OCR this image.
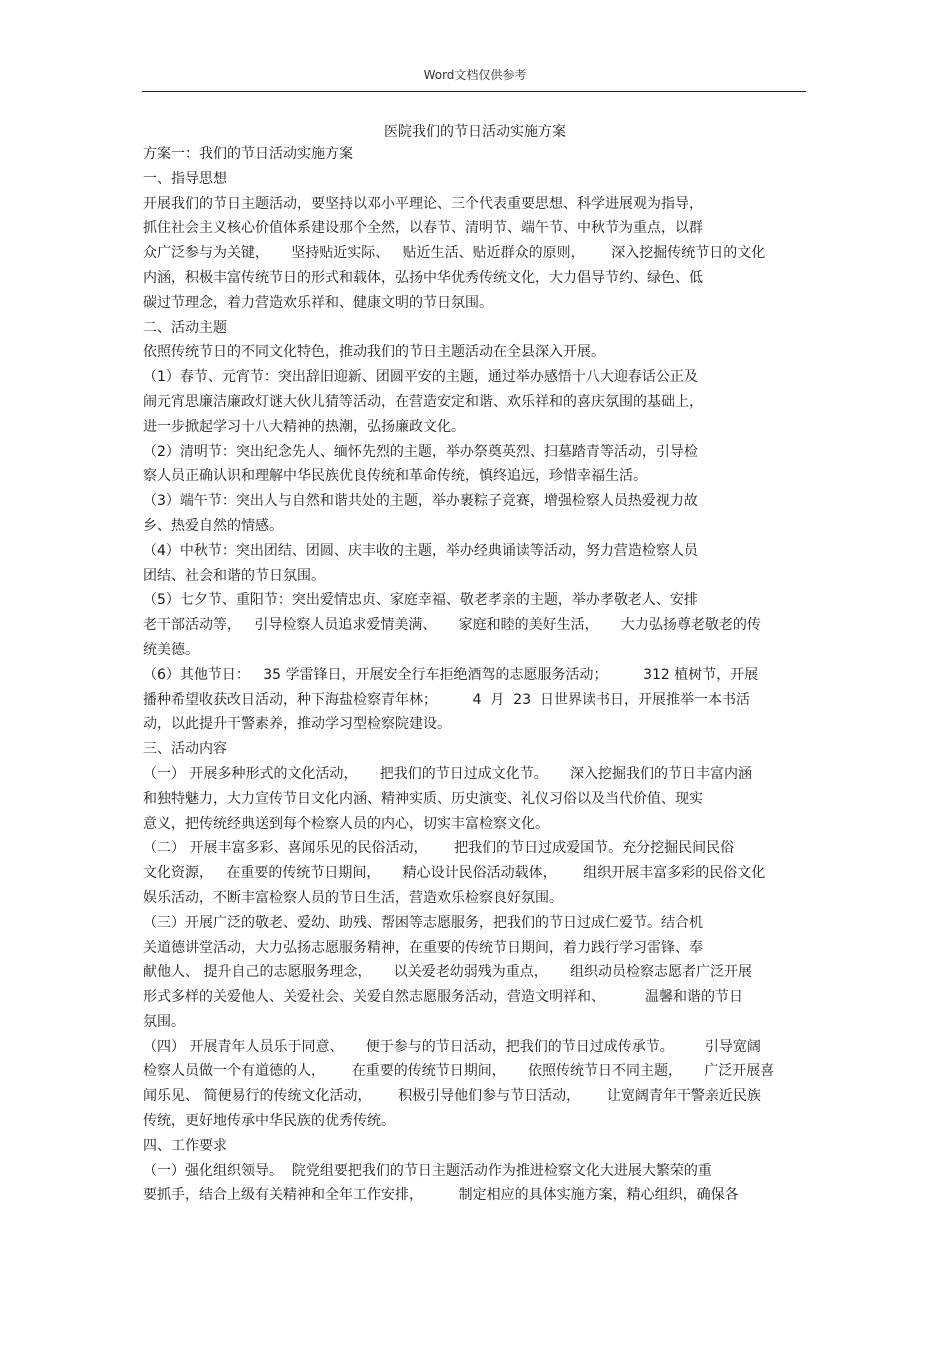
Word文档仅供参考
医院我们的节日活动实施方案
方案一：我们的节日活动实施方案
一、指导思想
开展我们的节日主题活动，要坚持以邓小平理论、三个代表重要思想、科学进展观为指导，
抓住社会主义核心价值体系建设那个全然，以春节、清明节、端午节、中秋节为重点，以群
众广泛参与为关键，     坚持贴近实际、   贴近生活、贴近群众的原则，      深入挖掘传统节日的文化
内涵，积极丰富传统节日的形式和载体，弘扬中华优秀传统文化，大力倡导节约、绿色、低
碳过节理念，着力营造欢乐祥和、健康文明的节日氛围。
二、活动主题
依照传统节日的不同文化特色，推动我们的节日主题活动在全县深入开展。
（1）春节、元宵节：突出辞旧迎新、团圆平安的主题，通过举办感悟十八大迎春话公正及
闹元宵思廉洁廉政灯谜大伙儿猜等活动，在营造安定和谐、欢乐祥和的喜庆氛围的基础上，
进一步掀起学习十八大精神的热潮，弘扬廉政文化。
（2）清明节：突出纪念先人、缅怀先烈的主题，举办祭奠英烈、扫墓踏青等活动，引导检
察人员正确认识和理解中华民族优良传统和革命传统，慎终追远，珍惜幸福生活。
（3）端午节：突出人与自然和谐共处的主题，举办裹粽子竞赛，增强检察人员热爱视力故
乡、热爱自然的情感。
（4）中秋节：突出团结、团圆、庆丰收的主题，举办经典诵读等活动，努力营造检察人员
团结、社会和谐的节日氛围。
（5）七夕节、重阳节：突出爱情忠贞、家庭幸福、敬老孝亲的主题，举办孝敬老人、安排
老干部活动等，   引导检察人员追求爱情美满、     家庭和睦的美好生活，     大力弘扬尊老敬老的传
统美德。
（6）其他节日：   35 学雷锋日，开展安全行车拒绝酒驾的志愿服务活动；        312 植树节，开展
播种希望收获改日活动，种下海盐检察青年林；        4  月  23  日世界读书日，开展推举一本书活
动，以此提升干警素养，推动学习型检察院建设。
三、活动内容
（一） 开展多种形式的文化活动，     把我们的节日过成文化节。     深入挖掘我们的节日丰富内涵
和独特魅力，大力宣传节日文化内涵、精神实质、历史演变、礼仪习俗以及当代价值、现实
意义，把传统经典送到每个检察人员的内心，切实丰富检察文化。
（二） 开展丰富多彩、喜闻乐见的民俗活动，      把我们的节日过成爱国节。充分挖掘民间民俗
文化资源，   在重要的传统节日期间，     精心设计民俗活动载体，      组织开展丰富多彩的民俗文化
娱乐活动，不断丰富检察人员的节日生活，营造欢乐检察良好氛围。
（三）开展广泛的敬老、爱幼、助残、帮困等志愿服务，把我们的节日过成仁爱节。结合机
关道德讲堂活动，大力弘扬志愿服务精神，在重要的传统节日期间，着力践行学习雷锋、奉
献他人、 提升自己的志愿服务理念，     以关爱老幼弱残为重点，     组织动员检察志愿者广泛开展
形式多样的关爱他人、关爱社会、关爱自然志愿服务活动，营造文明祥和、         温馨和谐的节日
氛围。
（四） 开展青年人员乐于同意、     便于参与的节日活动，把我们的节日过成传承节。       引导宽阔
检察人员做一个有道德的人，      在重要的传统节日期间，     依照传统节日不同主题，     广泛开展喜
闻乐见、 简便易行的传统文化活动，      积极引导他们参与节日活动，      让宽阔青年干警亲近民族
传统，更好地传承中华民族的优秀传统。
四、工作要求
（一）强化组织领导。  院党组要把我们的节日主题活动作为推进检察文化大进展大繁荣的重
要抓手，结合上级有关精神和全年工作安排，        制定相应的具体实施方案，精心组织，确保各
